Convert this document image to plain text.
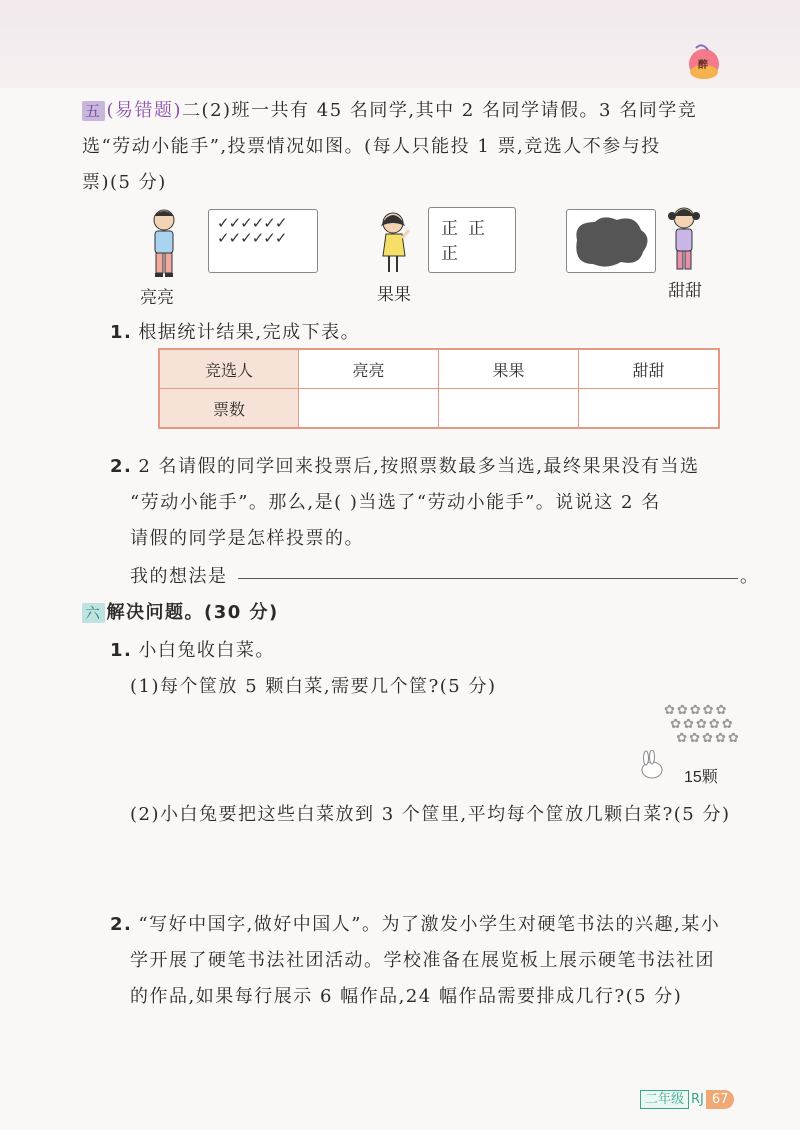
醉
五 (易错题)二(2)班一共有 45 名同学,其中 2 名同学请假。3 名同学竞
选“劳动小能手”,投票情况如图。(每人只能投 1 票,竞选人不参与投
票)(5 分)
亮亮
✓✓✓✓✓✓
✓✓✓✓✓✓
果果
正正正
甜甜
1. 根据统计结果,完成下表。
竞选人	亮亮	果果	甜甜
票数			
2. 2 名请假的同学回来投票后,按照票数最多当选,最终果果没有当选
“劳动小能手”。那么,是( )当选了“劳动小能手”。说说这 2 名
请假的同学是怎样投票的。
我的想法是	。
六 解决问题。(30 分)
1. 小白兔收白菜。
(1)每个筐放 5 颗白菜,需要几个筐?(5 分)
✿✿✿✿✿
✿✿✿✿✿
✿✿✿✿✿
15颗
(2)小白兔要把这些白菜放到 3 个筐里,平均每个筐放几颗白菜?(5 分)
2. “写好中国字,做好中国人”。为了激发小学生对硬笔书法的兴趣,某小
学开展了硬笔书法社团活动。学校准备在展览板上展示硬笔书法社团
的作品,如果每行展示 6 幅作品,24 幅作品需要排成几行?(5 分)
二年级 RJ 67
